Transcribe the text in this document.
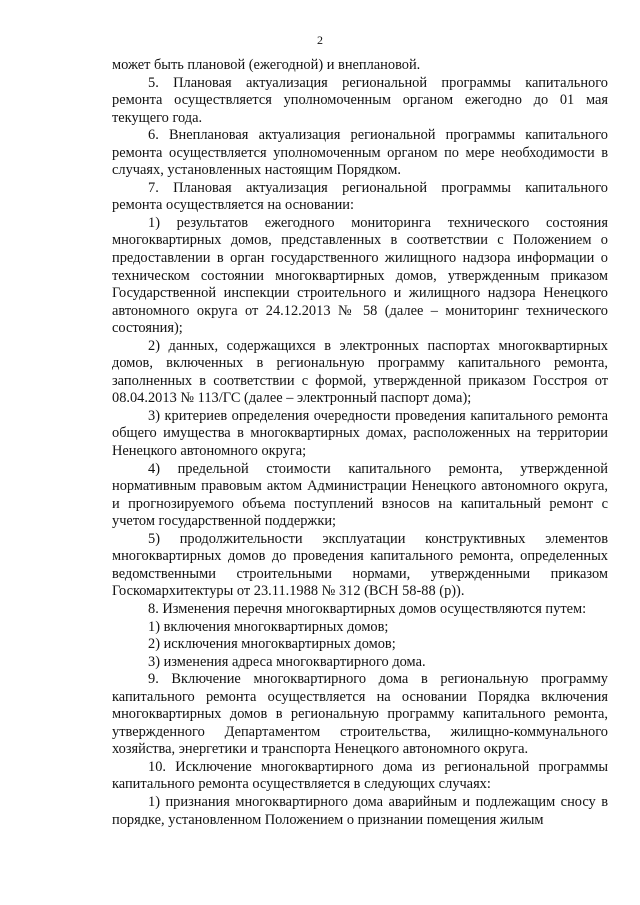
2

может быть плановой (ежегодной) и внеплановой.

5. Плановая актуализация региональной программы капитального ремонта осуществляется уполномоченным органом ежегодно до 01 мая текущего года.

6. Внеплановая актуализация региональной программы капитального ремонта осуществляется уполномоченным органом по мере необходимости в случаях, установленных настоящим Порядком.

7. Плановая актуализация региональной программы капитального ремонта осуществляется на основании:

1) результатов ежегодного мониторинга технического состояния многоквартирных домов, представленных в соответствии с Положением о предоставлении в орган государственного жилищного надзора информации о техническом состоянии многоквартирных домов, утвержденным приказом Государственной инспекции строительного и жилищного надзора Ненецкого автономного округа от 24.12.2013 № 58 (далее – мониторинг технического состояния);

2) данных, содержащихся в электронных паспортах многоквартирных домов, включенных в региональную программу капитального ремонта, заполненных в соответствии с формой, утвержденной приказом Госстроя от 08.04.2013 № 113/ГС (далее – электронный паспорт дома);

3) критериев определения очередности проведения капитального ремонта общего имущества в многоквартирных домах, расположенных на территории Ненецкого автономного округа;

4) предельной стоимости капитального ремонта, утвержденной нормативным правовым актом Администрации Ненецкого автономного округа, и прогнозируемого объема поступлений взносов на капитальный ремонт с учетом государственной поддержки;

5) продолжительности эксплуатации конструктивных элементов многоквартирных домов до проведения капитального ремонта, определенных ведомственными строительными нормами, утвержденными приказом Госкомархитектуры от 23.11.1988 № 312 (ВСН 58-88 (р)).

8. Изменения перечня многоквартирных домов осуществляются путем:

1) включения многоквартирных домов;

2) исключения многоквартирных домов;

3) изменения адреса многоквартирного дома.

9. Включение многоквартирного дома в региональную программу капитального ремонта осуществляется на основании Порядка включения многоквартирных домов в региональную программу капитального ремонта, утвержденного Департаментом строительства, жилищно-коммунального хозяйства, энергетики и транспорта Ненецкого автономного округа.

10. Исключение многоквартирного дома из региональной программы капитального ремонта осуществляется в следующих случаях:

1) признания многоквартирного дома аварийным и подлежащим сносу в порядке, установленном Положением о признании помещения жилым
